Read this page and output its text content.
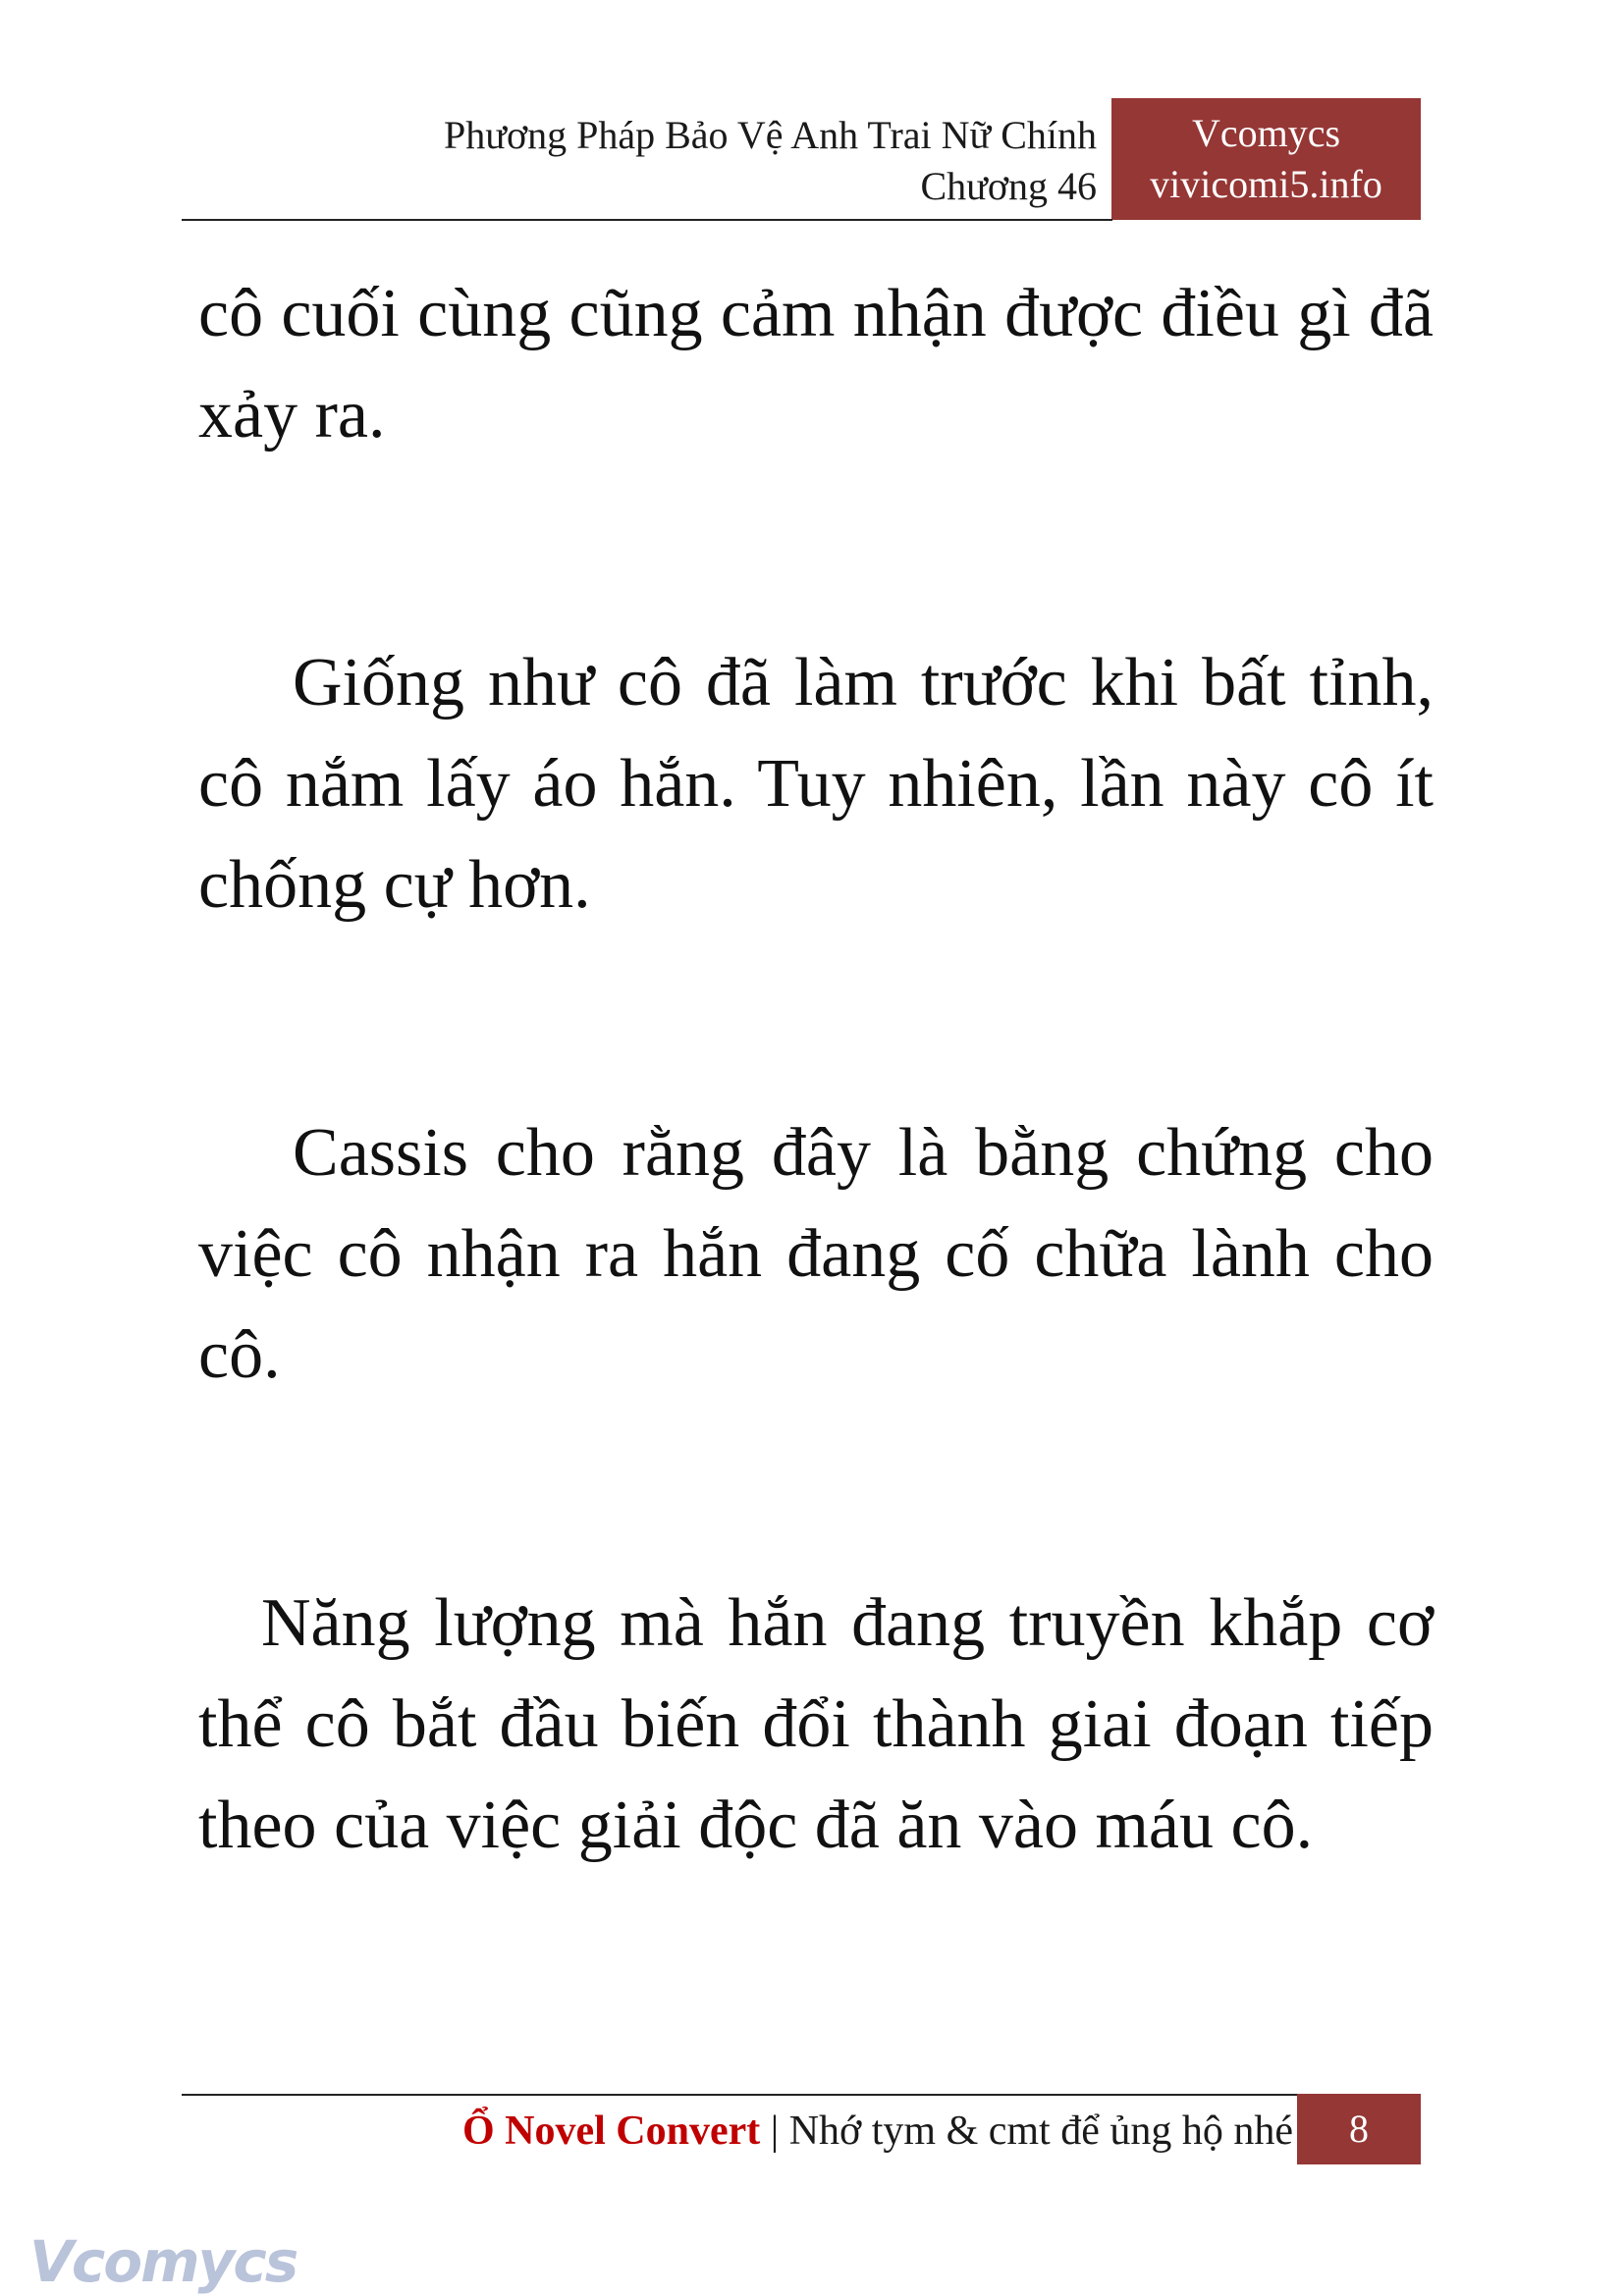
Phương Pháp Bảo Vệ Anh Trai Nữ Chính
Chương 46
Vcomycs
vivicomi5.info

cô cuối cùng cũng cảm nhận được điều gì đã xảy ra.

Giống như cô đã làm trước khi bất tỉnh, cô nắm lấy áo hắn. Tuy nhiên, lần này cô ít chống cự hơn.

Cassis cho rằng đây là bằng chứng cho việc cô nhận ra hắn đang cố chữa lành cho cô.

Năng lượng mà hắn đang truyền khắp cơ thể cô bắt đầu biến đổi thành giai đoạn tiếp theo của việc giải độc đã ăn vào máu cô.

Ổ Novel Convert | Nhớ tym & cmt để ủng hộ nhé	8
Vcomycs
